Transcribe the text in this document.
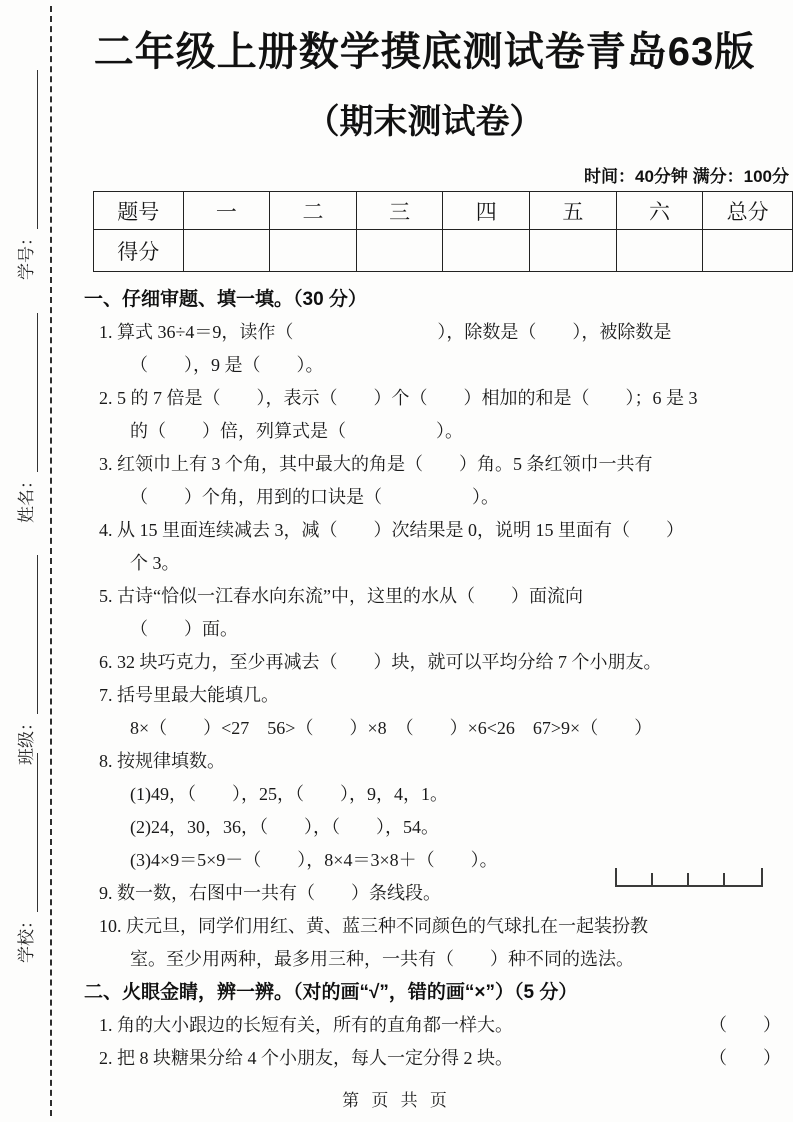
学号：
姓名：
班级：
学校：
二年级上册数学摸底测试卷青岛63版
（期末测试卷）
时间：40分钟 满分：100分
题号	一	二	三	四	五	六	总分
得分							
一、仔细审题、填一填。（30 分）
1. 算式 36÷4＝9，读作（　　　　　　　　），除数是（　　），被除数是
（　　），9 是（　　）。
2. 5 的 7 倍是（　　），表示（　　）个（　　）相加的和是（　　）；6 是 3
的（　　）倍，列算式是（　　　　　）。
3. 红领巾上有 3 个角，其中最大的角是（　　）角。5 条红领巾一共有
（　　）个角，用到的口诀是（　　　　　）。
4. 从 15 里面连续减去 3，减（　　）次结果是 0，说明 15 里面有（　　）
个 3。
5. 古诗“恰似一江春水向东流”中，这里的水从（　　）面流向
（　　）面。
6. 32 块巧克力，至少再减去（　　）块，就可以平均分给 7 个小朋友。
7. 括号里最大能填几。
8×（　　）<27　56>（　　）×8　（　　）×6<26　67>9×（　　）
8. 按规律填数。
(1)49，（　　），25，（　　），9，4，1。
(2)24，30，36，（　　），（　　），54。
(3)4×9＝5×9－（　　），8×4＝3×8＋（　　）。
9. 数一数，右图中一共有（　　）条线段。
10. 庆元旦，同学们用红、黄、蓝三种不同颜色的气球扎在一起装扮教
室。至少用两种，最多用三种，一共有（　　）种不同的选法。
二、火眼金睛，辨一辨。（对的画“√”，错的画“×”）（5 分）
1. 角的大小跟边的长短有关，所有的直角都一样大。	（　　）
2. 把 8 块糖果分给 4 个小朋友，每人一定分得 2 块。	（　　）
第 页 共 页
